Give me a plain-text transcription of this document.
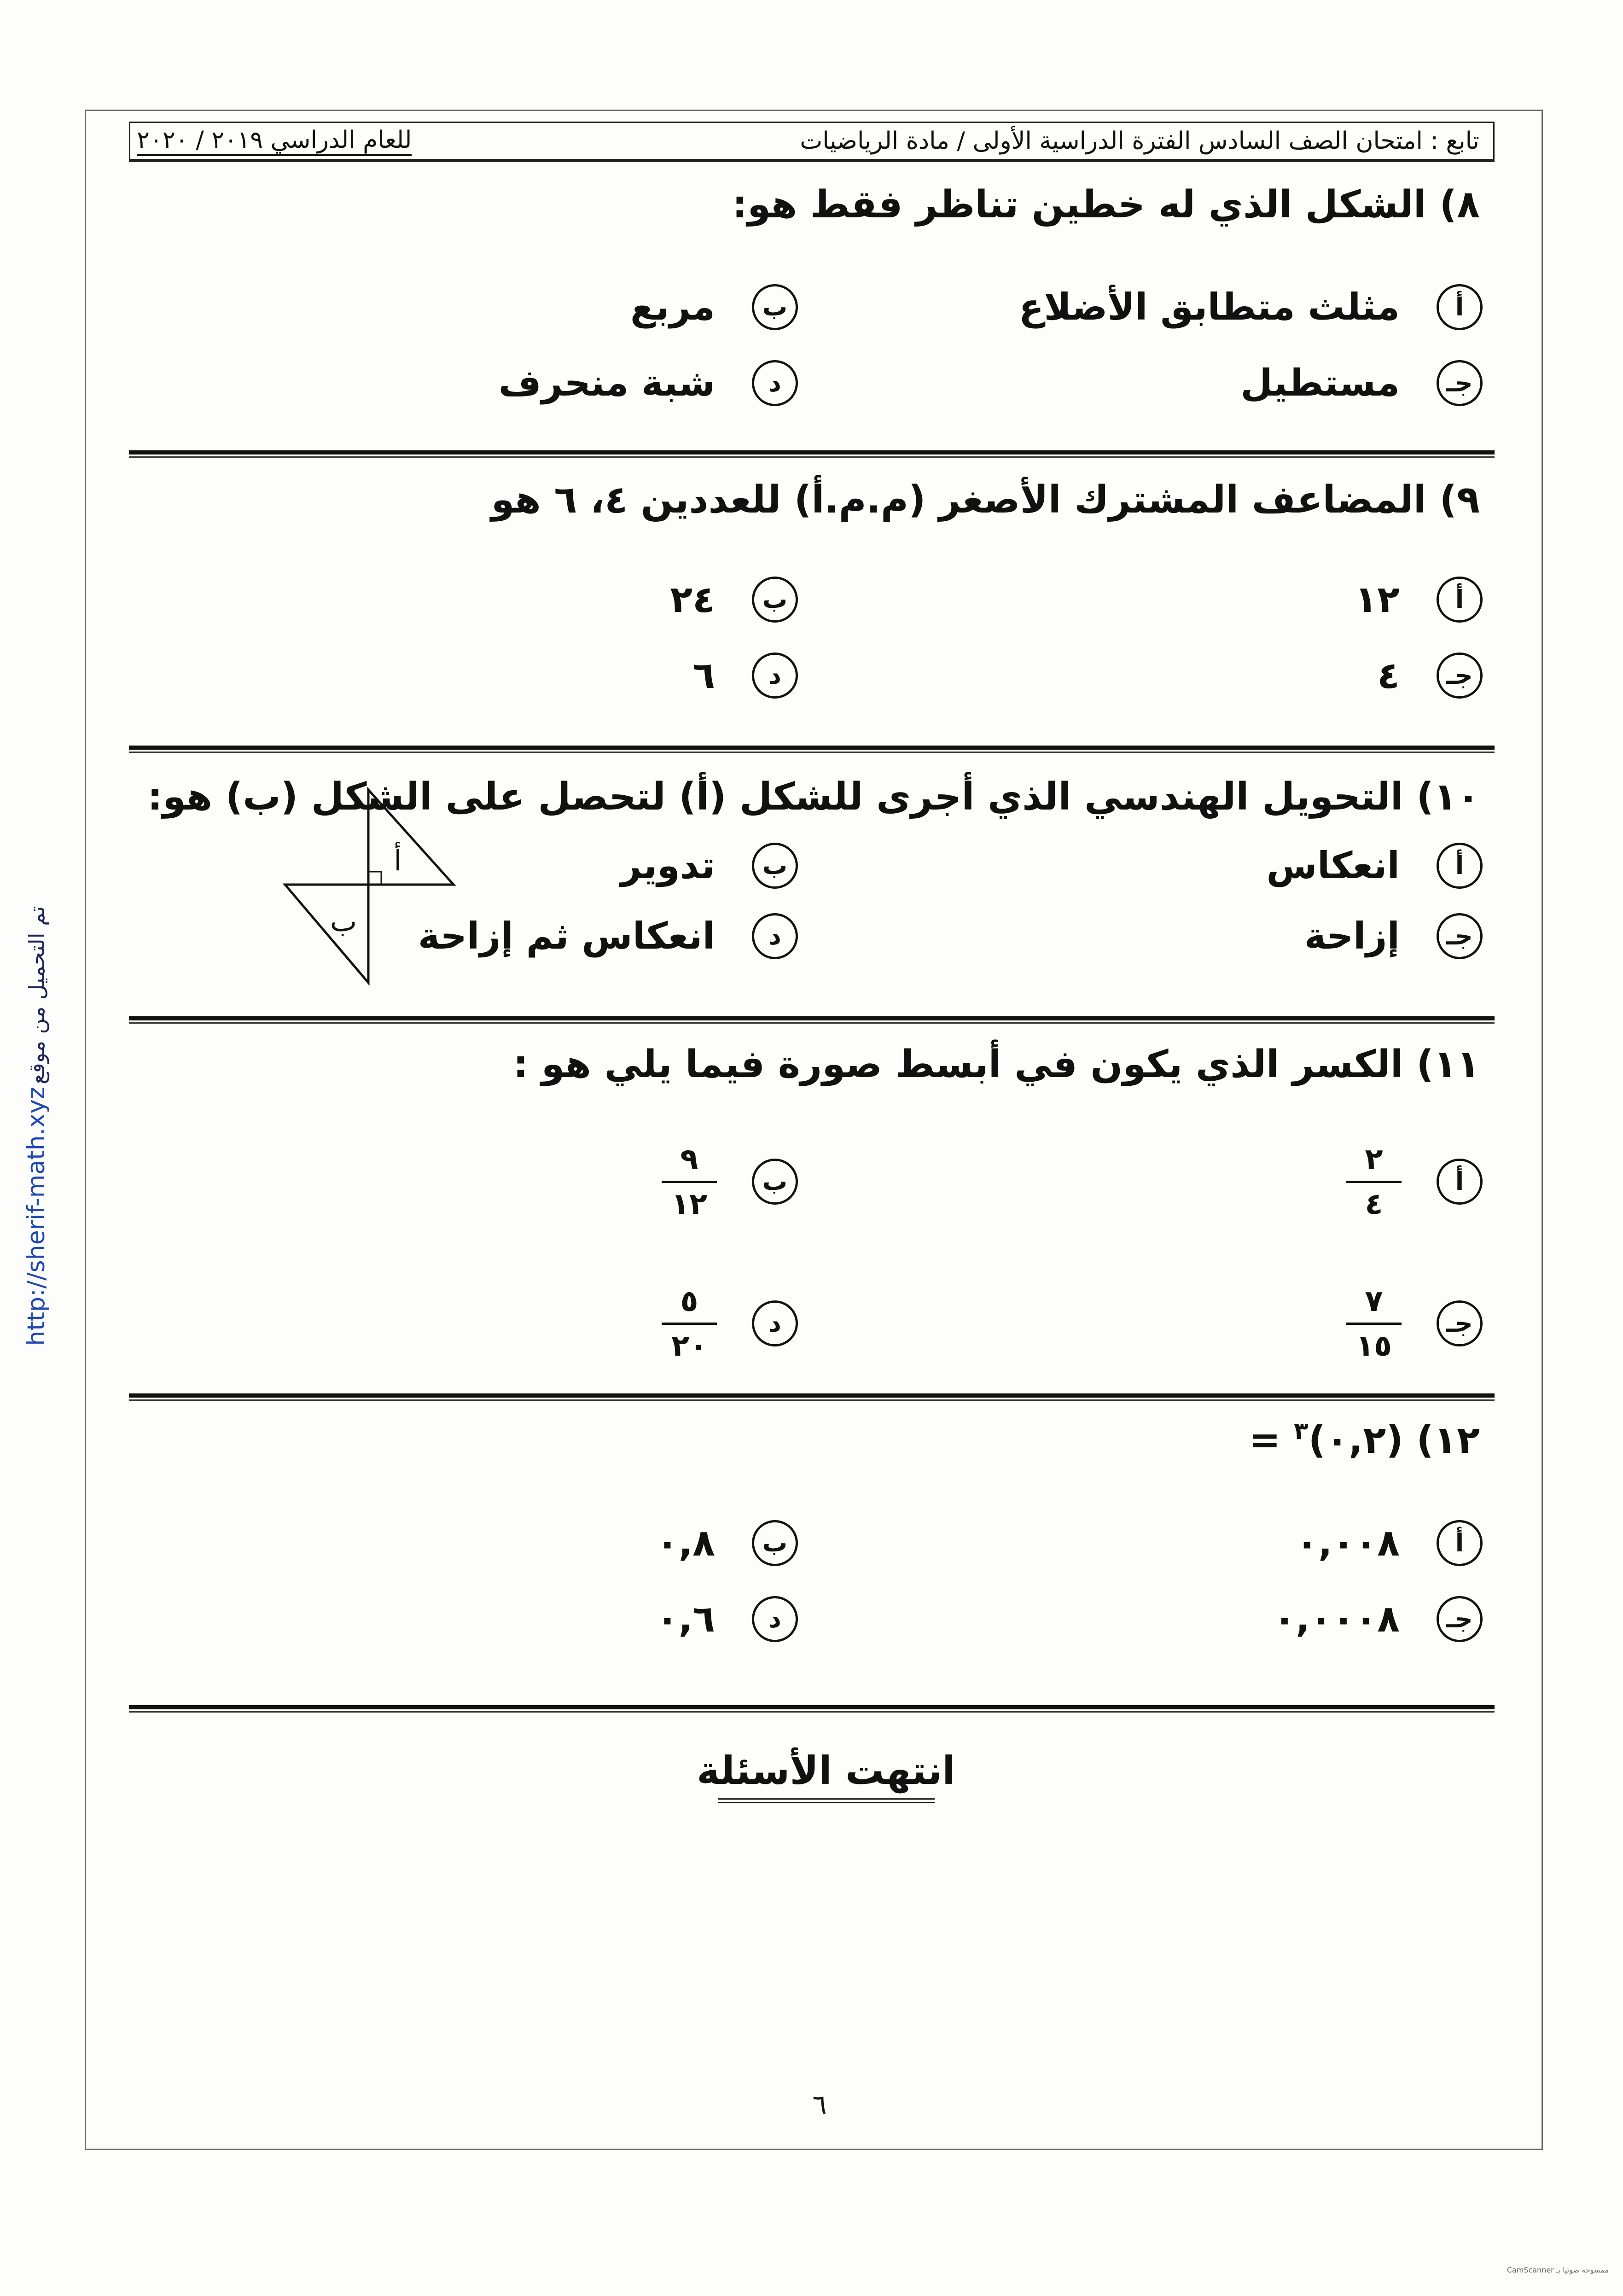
تابع : امتحان الصف السادس الفترة الدراسية الأولى / مادة الرياضيات
للعام الدراسي ٢٠١٩ / ٢٠٢٠
٨) الشكل الذي له خطين تناظر فقط هو:
أ
مثلث متطابق الأضلاع
ب
مربع
جـ
مستطيل
د
شبة منحرف
٩) المضاعف المشترك الأصغر (م.م.أ) للعددين ٤، ٦ هو
أ
١٢
ب
٢٤
جـ
٤
د
٦
١٠) التحويل الهندسي الذي أجرى للشكل (أ) لتحصل على الشكل (ب) هو:
أ
ب
أ
انعكاس
ب
تدوير
جـ
إزاحة
د
انعكاس ثم إزاحة
١١) الكسر الذي يكون في أبسط صورة فيما يلي هو :
أ
٢
٤
ب
٩
١٢
جـ
٧
١٥
د
٥
٢٠
١٢) (٠,٢)$^٣$ =
أ
٠,٠٠٨
ب
٠,٨
جـ
٠,٠٠٠٨
د
٠,٦
انتهت الأسئلة
٦
تم التحميل من موقع http://sherif-math.xyz
ممسوحة ضوئيا بـ CamScanner
